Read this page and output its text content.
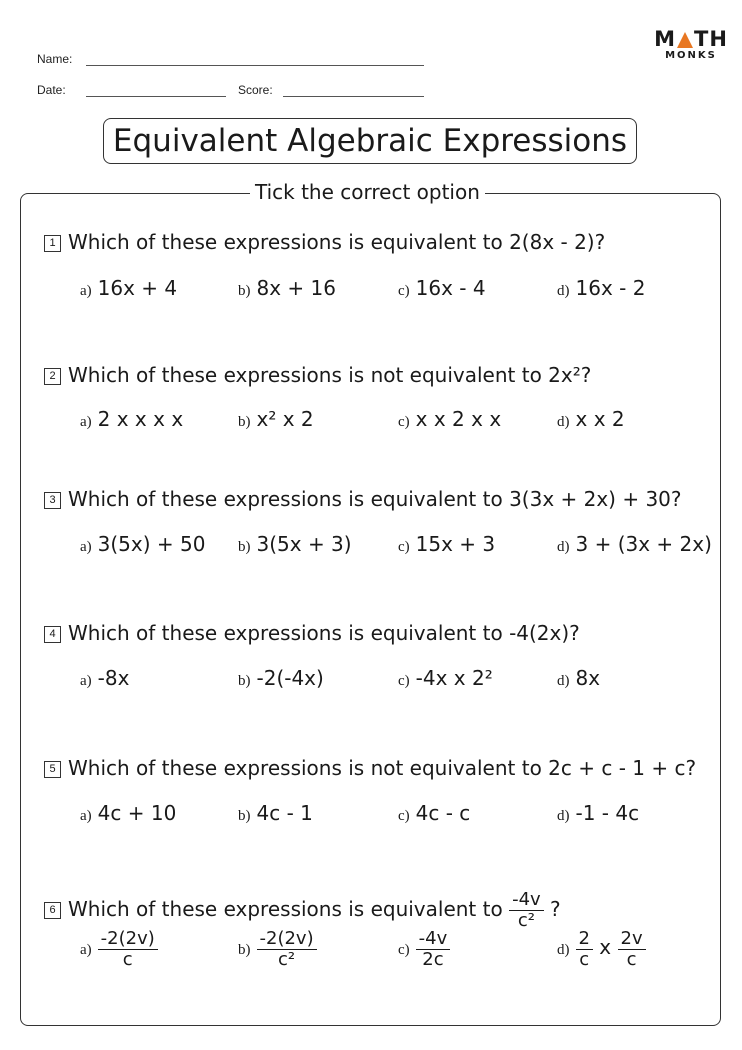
Name:
Date:	Score:
M TH
MONKS
Equivalent Algebraic Expressions
Tick the correct option
1 Which of these expressions is equivalent to 2(8x - 2)?
a) 16x + 4	b) 8x + 16	c) 16x - 4	d) 16x - 2
2 Which of these expressions is not equivalent to 2x²?
a) 2 x x x x	b) x² x 2	c) x x 2 x x	d) x x 2
3 Which of these expressions is equivalent to 3(3x + 2x) + 30?
a) 3(5x) + 50 b) 3(5x + 3)	c) 15x + 3	d) 3 + (3x + 2x)
4 Which of these expressions is equivalent to -4(2x)?
a) -8x	b) -2(-4x)	c) -4x x 2²	d) 8x
5 Which of these expressions is not equivalent to 2c + c - 1 + c?
a) 4c + 10	b) 4c - 1	c) 4c - c	d) -1 - 4c
6 Which of these expressions is equivalent to $\frac{-4v}{\text{c²}}$ ?
$a) \frac{-2(2v)}{c}$	$b) \frac{-2(2v)}{\text{c²}}$	$c) \frac{-4v}{2c}$	$d) \frac{2}{c}$ x $\frac{2v}{c}$
